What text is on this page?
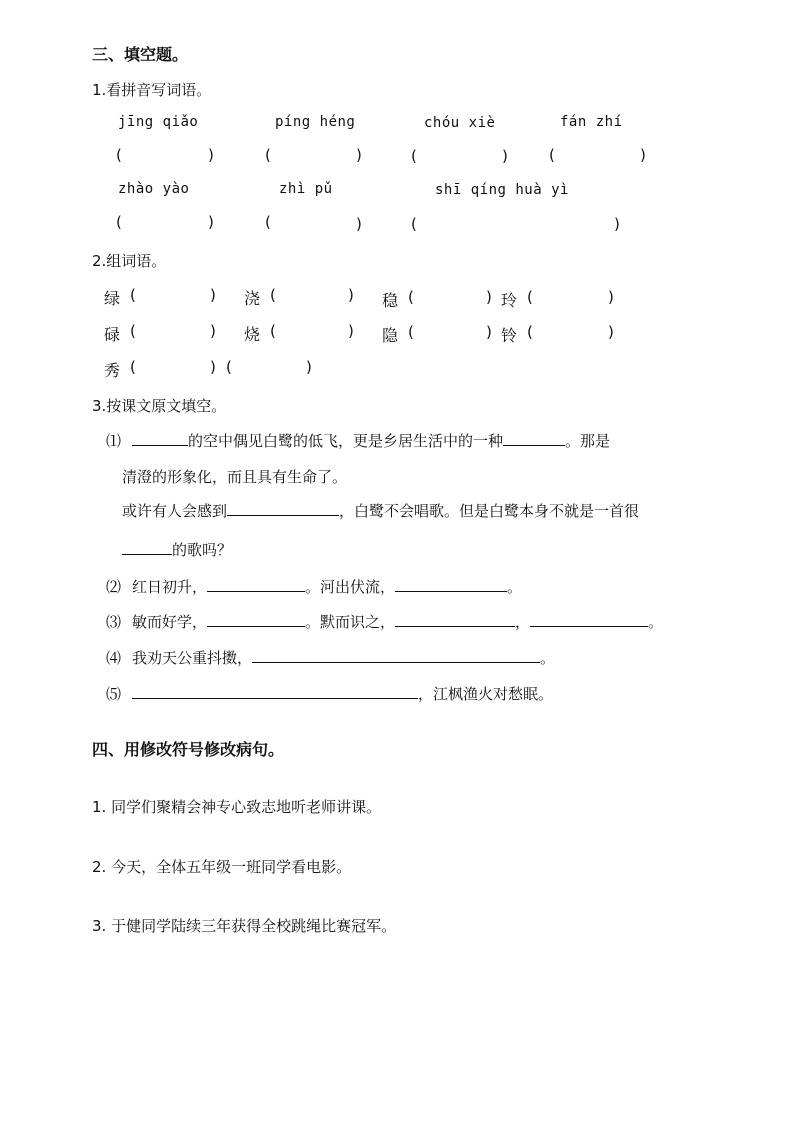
三、填空题。
1.看拼音写词语。
jīng qiǎo	píng héng	chóu xiè	fán zhí
(	)	(	)	(	)	(	)
zhào yào	zhì pǔ	shī qíng huà yì
(	)	(	)	(	)
2.组词语。
绿 (	) 浇 (	) 稳 (	) 玲 (	)
碌 (	) 烧 (	) 隐 (	) 铃 (	)
秀 (	) (	)
3.按课文原文填空。
⑴	的空中偶见白鹭的低飞，更是乡居生活中的一种	。那是
清澄的形象化，而且具有生命了。
或许有人会感到	，白鹭不会唱歌。但是白鹭本身不就是一首很
的歌吗？
⑵ 红日初升，	。河出伏流，	。
⑶ 敏而好学，	。默而识之，	，	。
⑷ 我劝天公重抖擞，	。
⑸	，江枫渔火对愁眠。
四、用修改符号修改病句。
1. 同学们聚精会神专心致志地听老师讲课。
2. 今天，全体五年级一班同学看电影。
3. 于健同学陆续三年获得全校跳绳比赛冠军。
